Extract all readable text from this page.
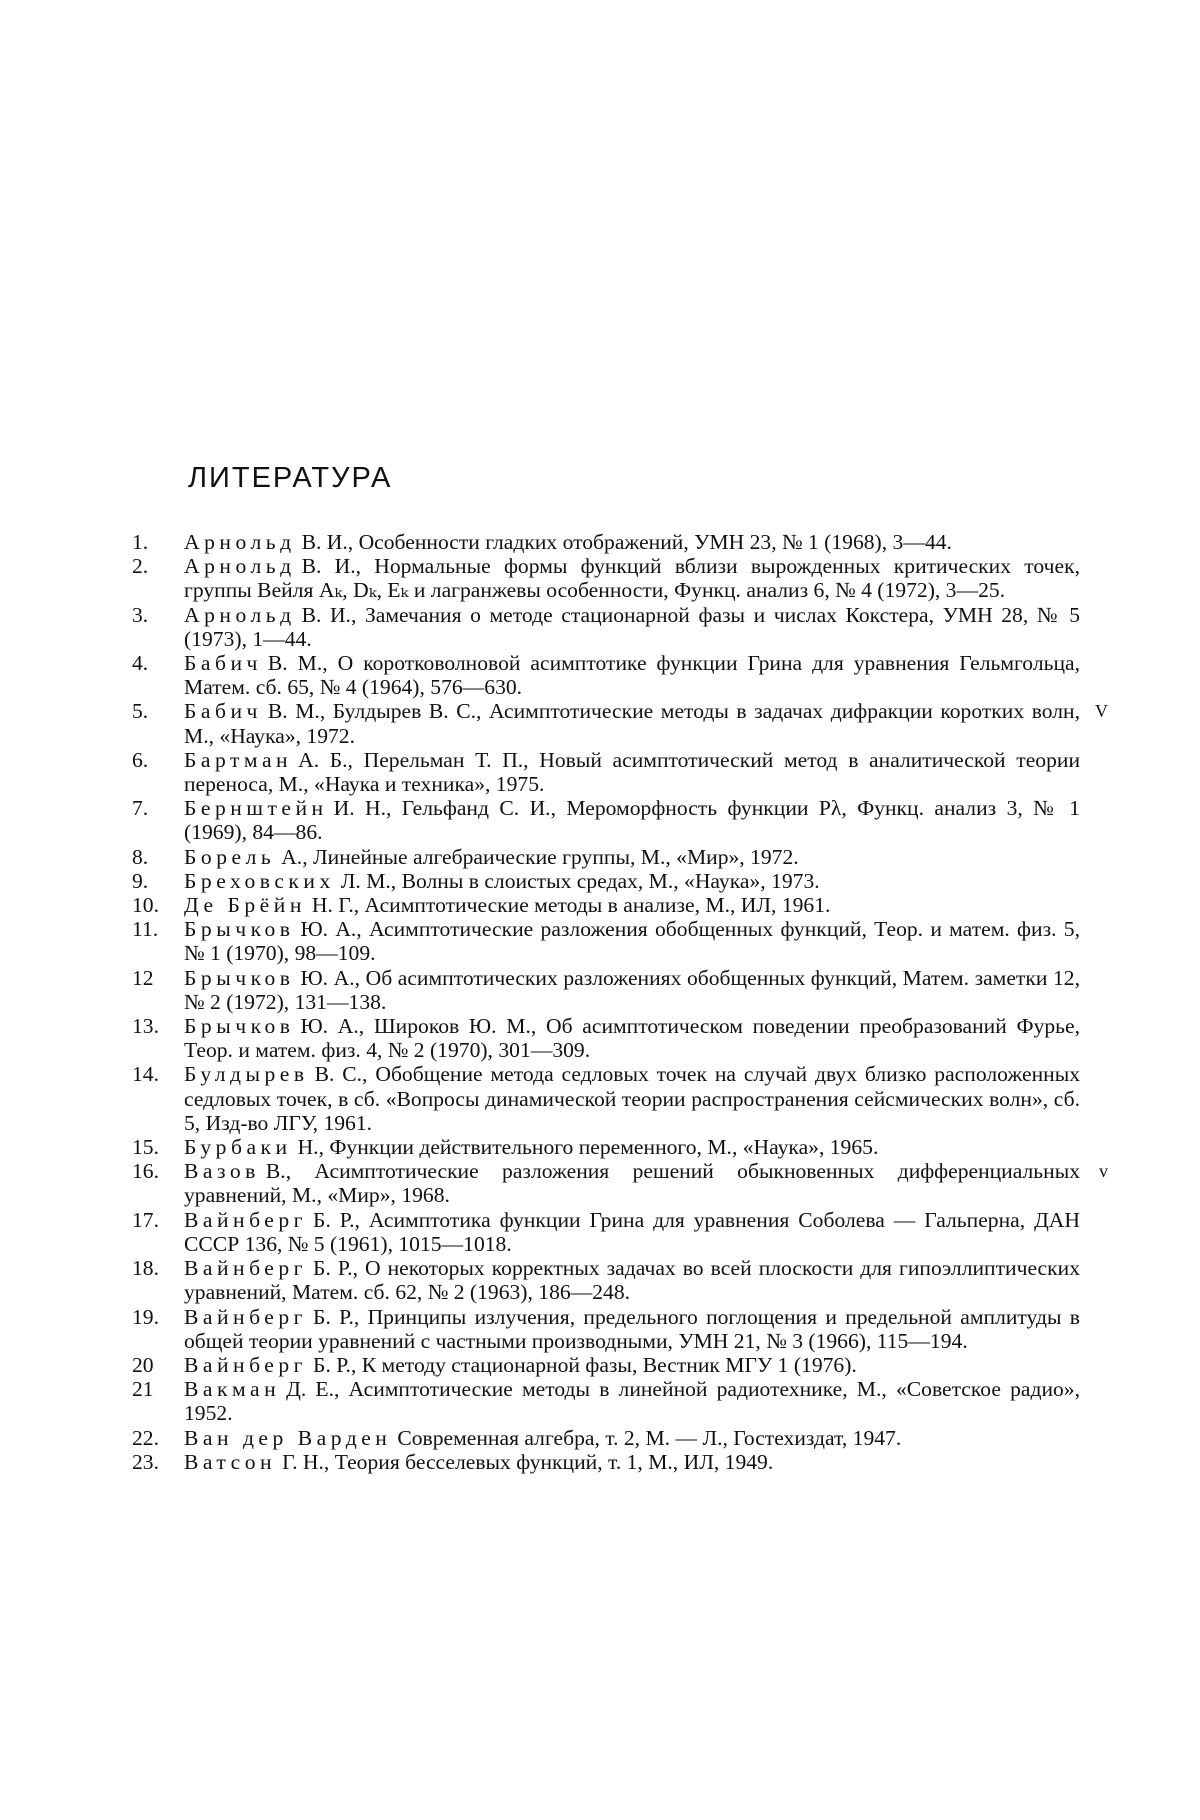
ЛИТЕРАТУРА
1.	Арнольд В. И., Особенности гладких отображений, УМН 23, № 1 (1968), 3—44.
2.	Арнольд В. И., Нормальные формы функций вблизи вырожденных критических точек, группы Вейля Aₖ, Dₖ, Eₖ и лагранжевы особенности, Функц. анализ 6, № 4 (1972), 3—25.
3.	Арнольд В. И., Замечания о методе стационарной фазы и числах Кокстера, УМН 28, № 5 (1973), 1—44.
4.	Бабич В. М., О коротковолновой асимптотике функции Грина для уравнения Гельмгольца, Матем. сб. 65, № 4 (1964), 576—630.
5.	Бабич В. М., Булдырев В. С., Асимптотические методы в задачах дифракции коротких волн, М., «Наука», 1972.
V
6.	Бартман А. Б., Перельман Т. П., Новый асимптотический метод в аналитической теории переноса, М., «Наука и техника», 1975.
7.	Бернштейн И. Н., Гельфанд С. И., Мероморфность функции Pλ, Функц. анализ 3, № 1 (1969), 84—86.
8.	Борель А., Линейные алгебраические группы, М., «Мир», 1972.
9.	Бреховских Л. М., Волны в слоистых средах, М., «Наука», 1973.
10.	Де Брёйн Н. Г., Асимптотические методы в анализе, М., ИЛ, 1961.
11.	Брычков Ю. А., Асимптотические разложения обобщенных функций, Теор. и матем. физ. 5, № 1 (1970), 98—109.
12	Брычков Ю. А., Об асимптотических разложениях обобщенных функций, Матем. заметки 12, № 2 (1972), 131—138.
13.	Брычков Ю. А., Широков Ю. М., Об асимптотическом поведении преобразований Фурье, Теор. и матем. физ. 4, № 2 (1970), 301—309.
14.	Булдырев В. С., Обобщение метода седловых точек на случай двух близко расположенных седловых точек, в сб. «Вопросы динамической теории распространения сейсмических волн», сб. 5, Изд-во ЛГУ, 1961.
15.	Бурбаки Н., Функции действительного переменного, М., «Наука», 1965.
16.	Вазов В., Асимптотические разложения решений обыкновенных дифференциальных уравнений, М., «Мир», 1968.
v
17.	Вайнберг Б. Р., Асимптотика функции Грина для уравнения Соболева — Гальперна, ДАН СССР 136, № 5 (1961), 1015—1018.
18.	Вайнберг Б. Р., О некоторых корректных задачах во всей плоскости для гипоэллиптических уравнений, Матем. сб. 62, № 2 (1963), 186—248.
19.	Вайнберг Б. Р., Принципы излучения, предельного поглощения и предельной амплитуды в общей теории уравнений с частными производными, УМН 21, № 3 (1966), 115—194.
20	Вайнберг Б. Р., К методу стационарной фазы, Вестник МГУ 1 (1976).
21	Вакман Д. Е., Асимптотические методы в линейной радиотехнике, М., «Советское радио», 1952.
22.	Ван дер Варден Современная алгебра, т. 2, М. — Л., Гостехиздат, 1947.
23.	Ватсон Г. Н., Теория бесселевых функций, т. 1, М., ИЛ, 1949.
